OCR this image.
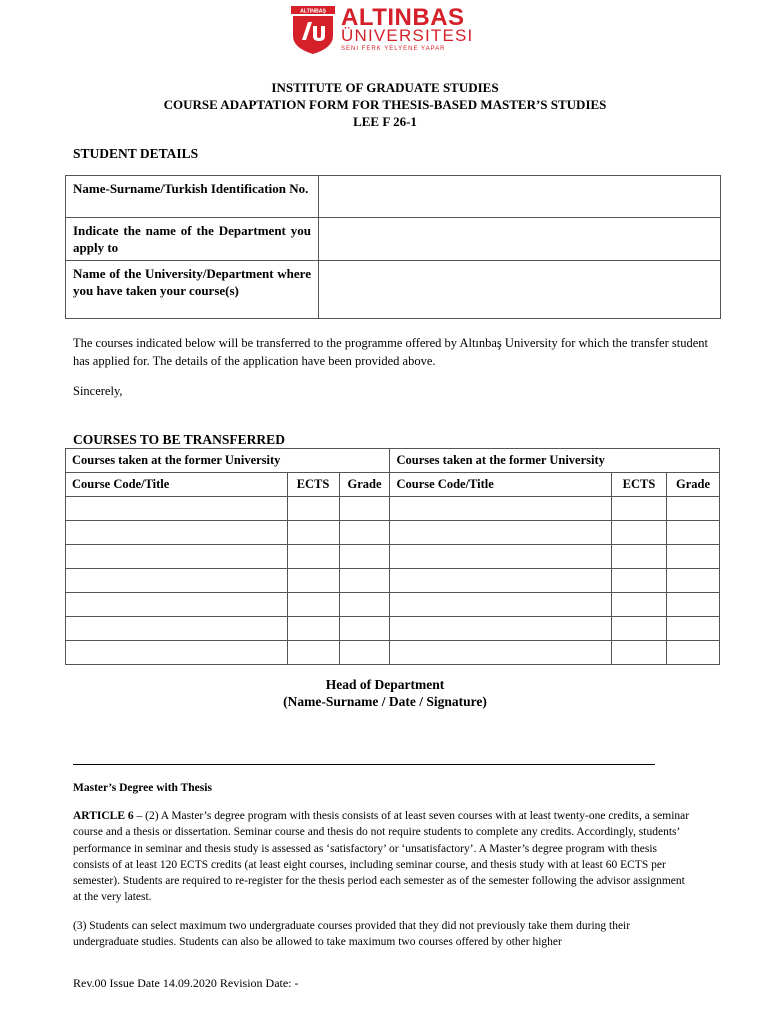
ALTINBAŞ ALTINBAS
ÜNIVERSITESI
SENI FERK YELYENE YAPAR
INSTITUTE OF GRADUATE STUDIES
COURSE ADAPTATION FORM FOR THESIS-BASED MASTER’S STUDIES
LEE F 26-1
STUDENT DETAILS
Name-Surname/Turkish Identification No.	
Indicate the name of the Department you apply to	
Name of the University/Department where you have taken your course(s)	
The courses indicated below will be transferred to the programme offered by Altınbaş University for which the transfer student has applied for. The details of the application have been provided above.
Sincerely,
COURSES TO BE TRANSFERRED
Courses taken at the former University			Courses taken at the former University		
Course Code/Title	ECTS	Grade	Course Code/Title	ECTS	Grade

Head of Department
(Name-Surname / Date / Signature)
Master’s Degree with Thesis
ARTICLE 6 – (2) A Master’s degree program with thesis consists of at least seven courses with at least twenty-one credits, a seminar course and a thesis or dissertation. Seminar course and thesis do not require students to complete any credits. Accordingly, students’ performance in seminar and thesis study is assessed as ‘satisfactory’ or ‘unsatisfactory’. A Master’s degree program with thesis consists of at least 120 ECTS credits (at least eight courses, including seminar course, and thesis study with at least 60 ECTS per semester). Students are required to re-register for the thesis period each semester as of the semester following the advisor assignment at the very latest.
(3) Students can select maximum two undergraduate courses provided that they did not previously take them during their undergraduate studies. Students can also be allowed to take maximum two courses offered by other higher
Rev.00 Issue Date 14.09.2020 Revision Date: -
